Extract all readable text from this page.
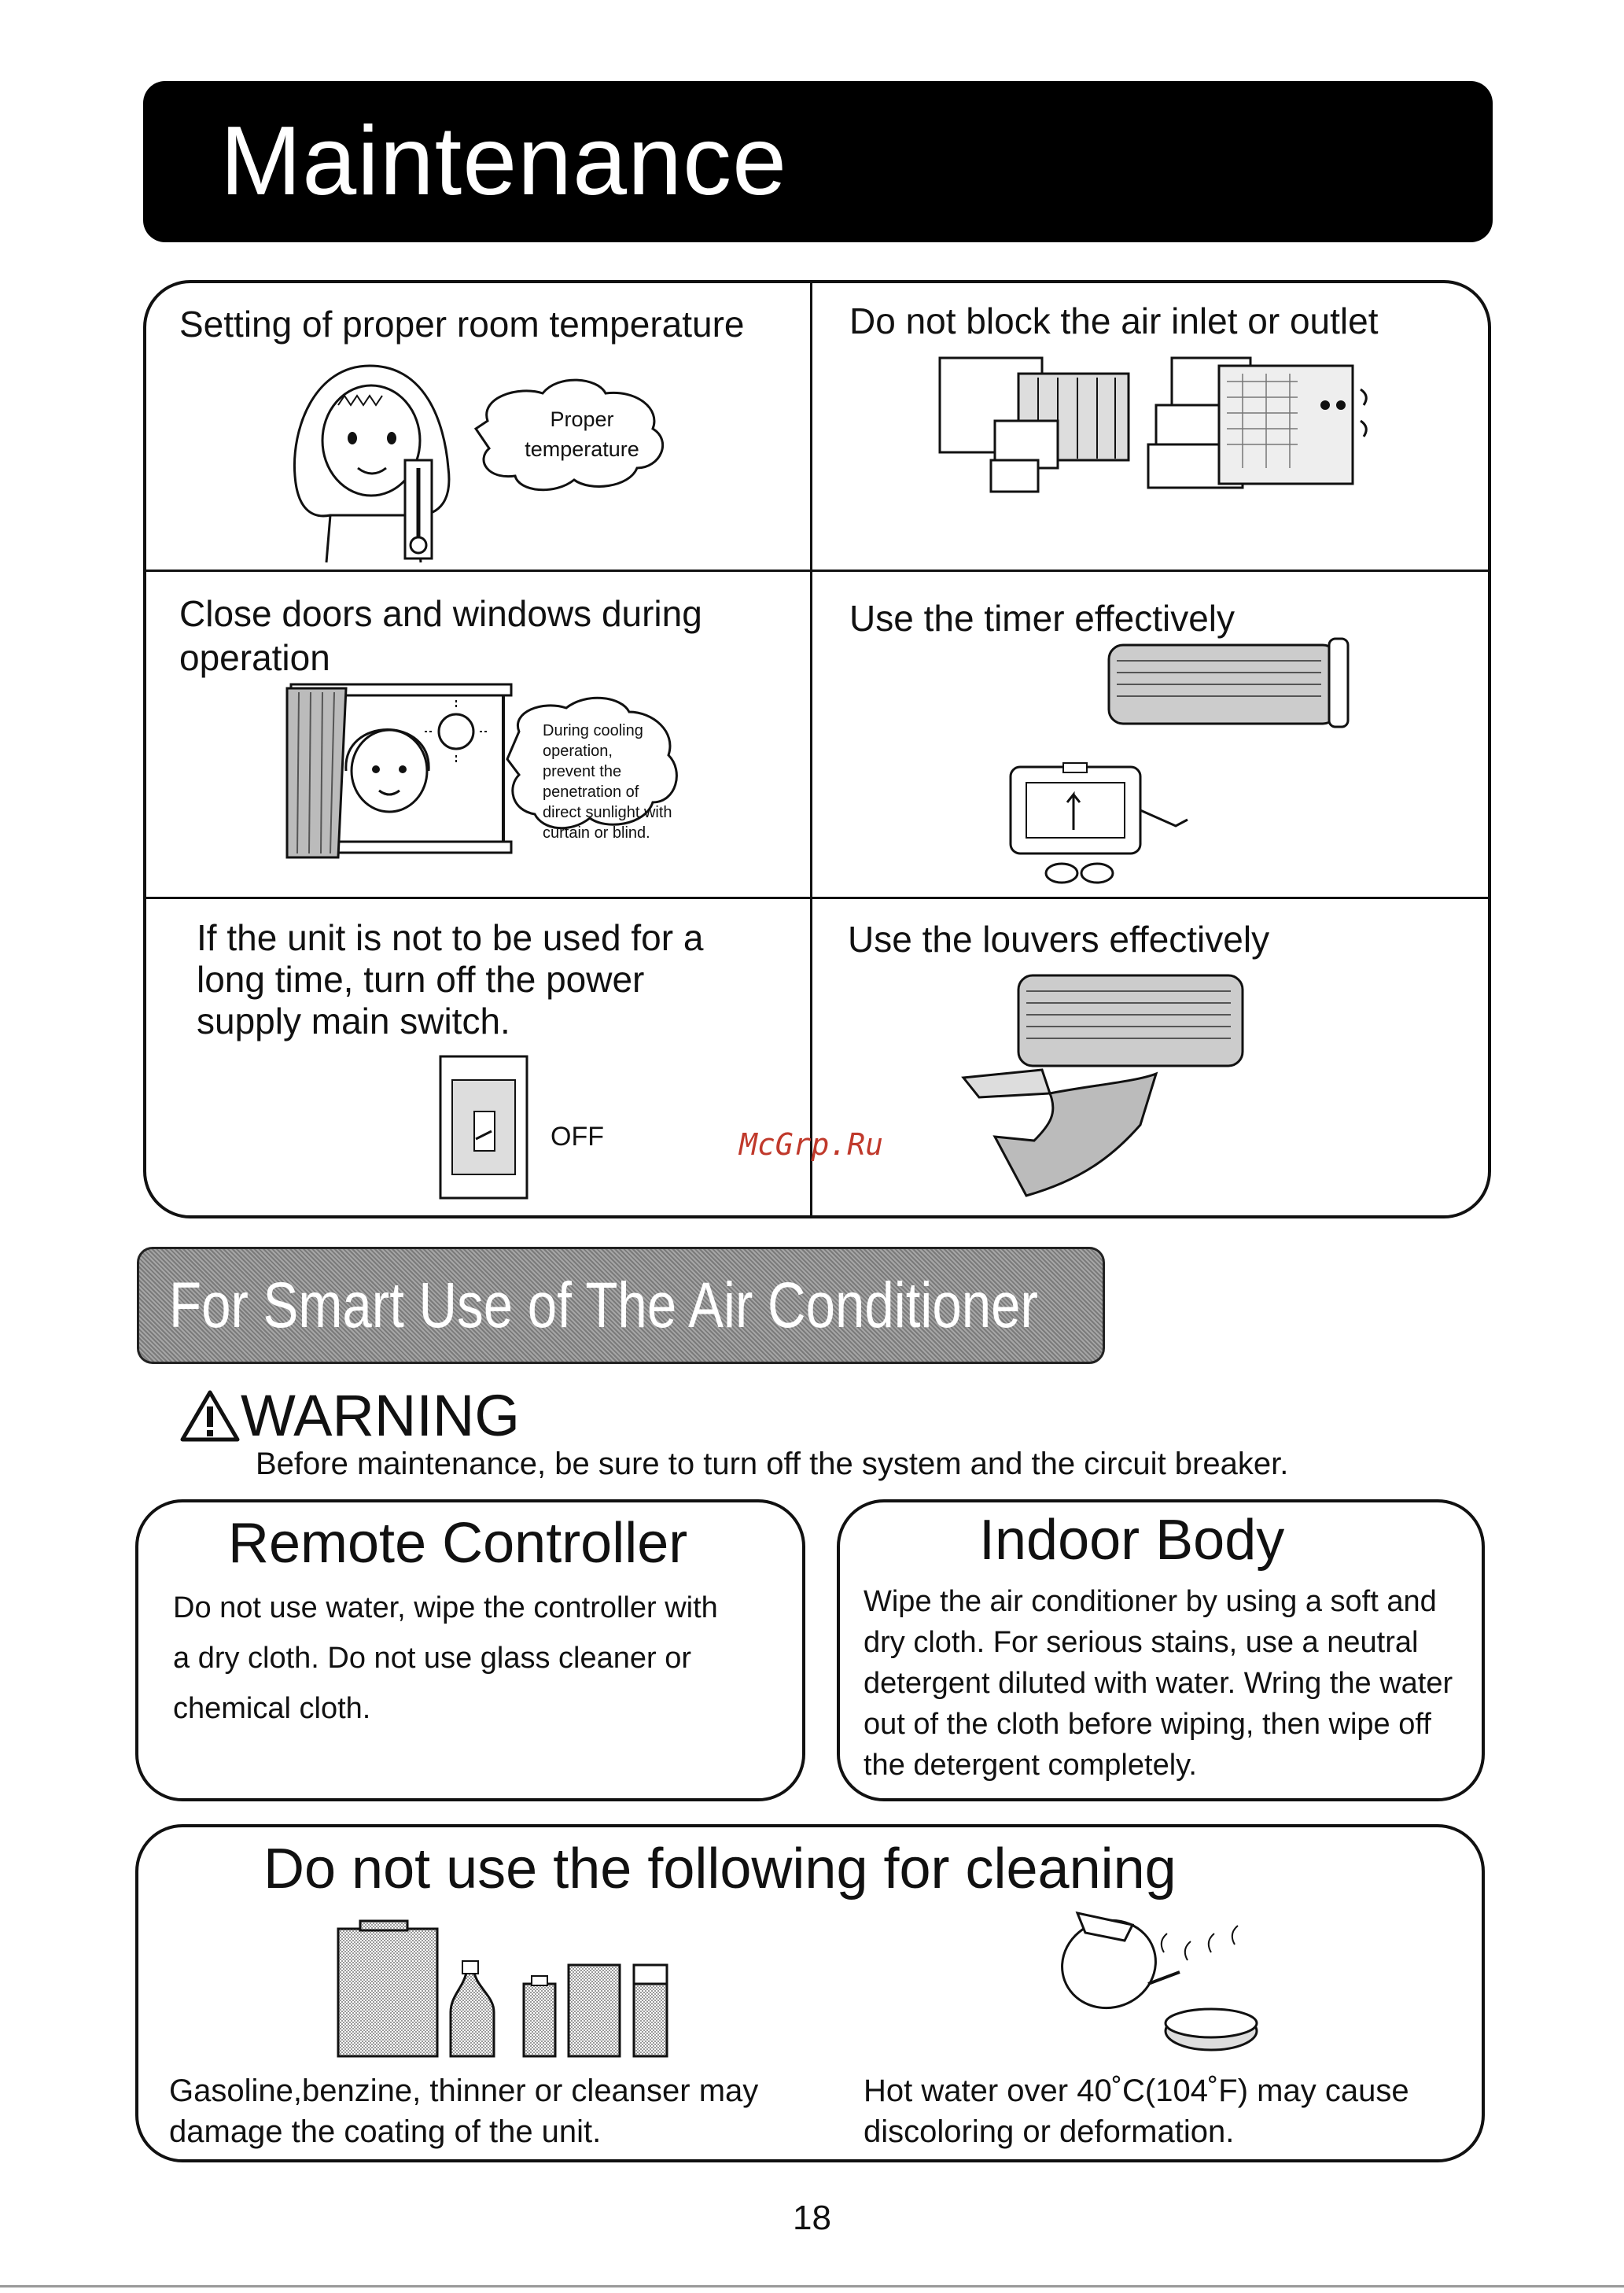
Maintenance
Setting of proper room temperature
Proper
temperature
Do not block the air inlet or outlet
Close doors and windows during
operation
During cooling operation,
prevent the penetration of
direct sunlight with
curtain or blind.
Use the timer effectively
If the unit is not to be used for a
long time, turn off the power
supply main switch.
OFF
Use the louvers effectively
McGrp.Ru
For Smart Use of The Air Conditioner
WARNING
Before maintenance, be sure to turn off the system and the circuit breaker.
Remote Controller
Do not use water, wipe the controller with
a dry cloth. Do not use glass cleaner or
chemical cloth.
Indoor Body
Wipe the air conditioner by using a soft and
dry cloth. For serious stains, use a neutral
detergent diluted with water. Wring the water
out of the cloth before wiping, then wipe off
the detergent completely.
Do not use the following for cleaning
Gasoline,benzine, thinner or cleanser may
damage the coating of the unit.
Hot water over 40˚C(104˚F) may cause
discoloring or deformation.
18
